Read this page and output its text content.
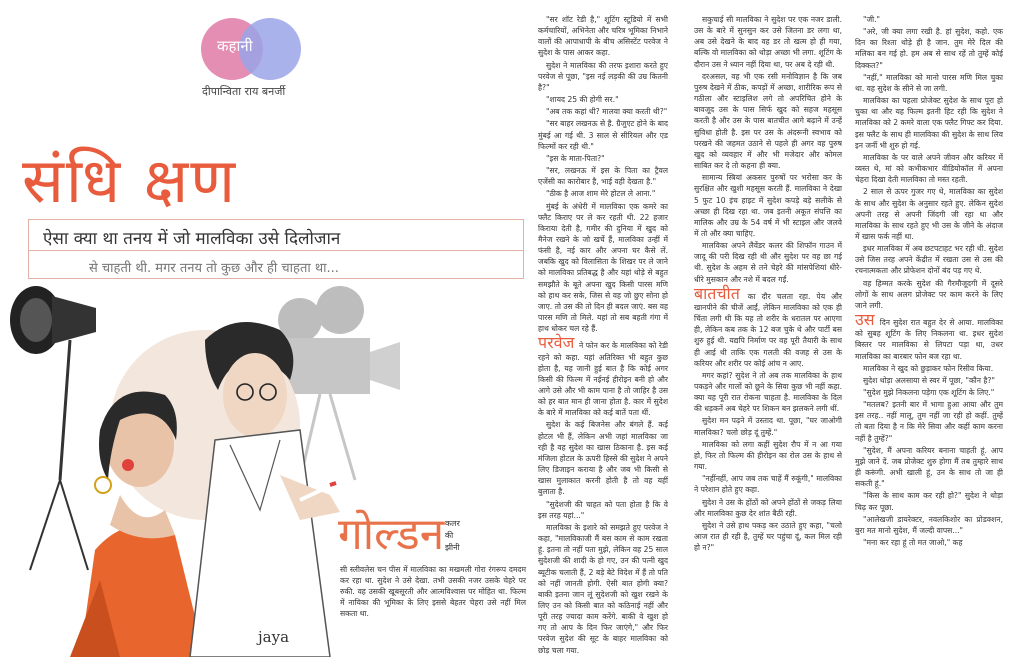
कहानी
दीपान्विता राय बनर्जी
संधि क्षण
ऐसा क्या था तनय में जो मालविका उसे दिलोजान
से चाहती थी. मगर तनय तो कुछ और ही चाहता था...
गोल्डन कलर
की
झीनी
सी स्लीवलेस चन पीस में मालविका का मखमली गोरा रंगरूप दमदम कर रहा था. सुदेश ने उसे देखा. तभी उसकी नजर उसके चेहरे पर रुकी. वह उसकी खूबसूरती और आत्मविश्वास पर मोहित था. फिल्म में नायिका की भूमिका के लिए इससे बेहतर चेहरा उसे नहीं मिल सकता था.
jaya

"सर शॉट रेडी है," शूटिंग स्टूडियो में सभी कर्मचारियों, अभिनेता और चरित्र भूमिका निभाने वालों की आपाधापी के बीच असिस्टेंट परवेज ने सुदेश के पास आकर कहा.

सुदेश ने मालविका की तरफ इशारा करते हुए परवेज से पूछा, "इस नई लड़की की उम्र कितनी है?"

"शायद 25 की होगी सर."

"अब तक कहां थी? मालवा क्या करती थी?"

"सर बाहर लखनऊ से है. ग्रैजुएट होने के बाद मुंबई आ गई थी. 3 साल से सीरियल और एड फिल्मों कर रही थी."

"इस के माता-पिता?"

"सर, लखनऊ में इस के पिता का ट्रैवल एजेंसी का कारोबार है, भाई वही देखता है."

"ठीक है आज शाम मेरे होटल ले आना."

मुंबई के अंधेरी में मालविका एक कमरे का फ्लैट किराए पर ले कर रहती थी. 22 हजार किराया देती है, गमीर की दुनिया में खुद को मैनेज रखने के जो खर्चे हैं, मालविका उन्हीं में फंसी है, नई कार और अपना घर कैसे लें. जबकि खुद को विलासिता के शिखर पर ले जाने को मालविका प्रतिबद्ध है और यहां थोड़े से बहुत समझौते के बूते अपना खुद किसी पारस मणि को हाथ कर सके, जिस से वह जो छुए सोना हो जाए. तो उस की तो दिन ही बदल जाएं. बस वह पारस मणि तो मिले. यहां तो सब बहती गंगा में हाथ धोकर चल रहे हैं.

परवेज ने फोन कर के मालविका को रेडी रहने को कहा. यहां अतिरिक्त भी बहुत कुछ होता है, यह जानी हुई बात है कि कोई अगर किसी की फिल्म में नईनई हीरोइन बनी हो और आगे उसे और भी काम पाना है तो जाहिर है उस को हर बात मान ही जाना होता है. कार में सुदेश के बारे में मालविका को कई बातें पता थीं.

सुदेश के कई बिजनेस और बंगले हैं. कई होटल भी हैं, लेकिन अभी जहां मालविका जा रही है वह सुदेश का खास ठिकाना है. इस कई मंजिला होटल के ऊपरी हिस्से की सुदेश ने अपने लिए डिजाइन कराया है और जब भी किसी से खास मुलाकात करनी होती है तो वह यहीं बुलाता है.

"सुदेशजी की चाहत को पता होता है कि वे इस तरह यहां..."

मालविका के इशारे को समझते हुए परवेज ने कहा, "मालविकाजी मैं बस काम से काम रखता हूं. इतना तो नहीं पता मुझे, लेकिन वह 25 साल सुदेशजी की शादी के हो गए, उन की पत्नी खुद ब्यूटीक चलाती हैं, 2 बड़े बेटे विदेश में हैं तो पति को नहीं जानती होगी. ऐसी बात होगी क्या? बाकी इतना जान लूं सुदेशजी को खुश रखने के लिए उन को किसी बात को कठिनाई नहीं और पूरी तरह ज्यादा काम करेंगे. बाकी वे खुश हो गए तो आप के दिन फिर जाएंगे," और फिर परवेज सुदेश की सूट के बाहर मालविका को छोड़ चला गया.

सकुचाई सी मालविका ने सुदेश पर एक नजर डाली. उस के बारे में सुनसुन कर उसे जितना डर लगा था, अब उसे देखने के बाद वह डर तो खत्म हो ही गया, बल्कि वो मालविका को थोड़ा अच्छा भी लगा. शूटिंग के दौरान उस ने ध्यान नहीं दिया था, पर अब दे रही थी.

दरअसल, वह भी एक रसी मनोविज्ञान है कि जब पुरुष देखने में ठीक, कपड़ों में अच्छा, शारीरिक रूप से गठीला और स्टाइलिश लगे तो अपरिचित होने के बावजूद उस के पास सिर्फ खुद को सहज महसूस करती है और उस के पास बातचीत आगे बढ़ाने में उन्हें सुविधा होती है. इस पर उस के अंदरूनी स्वभाव को परखने की जहमत उठाने से पहले ही अगर वह पुरुष खुद को व्यवहार में और भी मजेदार और कोमल साबित कर दे तो कहना ही क्या.

सामान्य स्त्रियां अकसर पुरुषों पर भरोसा कर के सुरक्षित और खुशी महसूस करती हैं. मालविका ने देखा 5 फुट 10 इंच हाइट में सुदेश कपड़े बड़े सलीके से अच्छा ही दिख रहा था. जब इतनी अकूत संपत्ति का मालिक और उम्र के 54 वर्ष में भी स्टाइल और जलवे में तो और क्या चाहिए.

मालविका अपने लैवेंडर कलर की शिफॉन गाउन में जादू की परी दिख रही थी और सुदेश पर वह छा गई थी. सुदेश के अहम से तने चेहरे की मांसपेशियां धीरे-धीरे मुसकान और नशे में बदल गईं.

बातचीत का दौर चलता रहा. पेय और खानपीने की चीजें आईं, लेकिन मालविका को एक ही चिंता लगी थी कि यह तो शरीर के धरातल पर आएगा ही, लेकिन कब तक के 12 बज चुके थे और पार्टी बस शुरु हुई थी. यद्यपि निर्माण पर वह पूरी तैयारी के साथ ही आई थी ताकि एक गलती की वजह से उस के करियर और शरीर पर कोई आंच न आए.

मगर कहां? सुदेश ने तो अब तक मालविका के हाथ पकड़ने और गालों को छूने के सिवा कुछ भी नहीं कहा. क्या यह पूरी रात रोकना चाहता है. मालविका के दिल की धड़कनें अब चेहरे पर शिकन बन झलकने लगी थीं.

सुदेश मन पढ़ने में उस्ताद था. पूछा, "घर जाओगी मालविका? चलो छोड़ दूं तुम्हें."

मालविका को लगा कहीं सुदेश रौप में न आ गया हो, फिर तो फिल्म की हीरोइन का रोल उस के हाथ से गया.

"नहींनहीं, आप जब तक चाहें मैं रुकूंगी," मालविका ने परेशान होते हुए कहा.

सुदेश ने उस के होंठों को अपने होंठों से जकड़ लिया और मालविका कुछ देर शांत बैठी रही.

सुदेश ने उसे हाथ पकड़ कर उठाते हुए कहा, "चलो आज रात ही रही है, तुम्हें घर पहुंचा दूं, कल मिल रही हो न?"

"जी."

"अरे, जी क्या लगा रखी है. हां सुदेश, कहो. एक दिन का रिश्ता थोड़े ही है जान. तुम मेरे दिल की मलिका बन गई हो. हम अब से साथ रहें तो तुम्हें कोई दिक्कत?"

"नहीं," मालविका को मानो पारस मणि मिल चुका था. वह सुदेश के सीने से जा लगी.

मालविका का पहला प्रोजेक्ट सुदेश के साथ पूरा हो चुका था और यह फिल्म इतनी हिट रही कि सुदेश ने मालविका को 2 कमरे वाला एक फ्लैट गिफ्ट कर दिया. इस फ्लैट के साथ ही मालविका की सुदेश के साथ लिव इन जर्नी भी शुरु हो गई.

मालविका के पर वाले अपने जीवन और करियर में व्यस्त थे, मां को कभीकभार वीडियोकॉल में अपना चेहरा दिखा देती मालविका तो मस्त रहती.

2 साल से ऊपर गुजर गए थे, मालविका का सुदेश के साथ और सुदेश के अनुसार रहते हुए. लेकिन सुदेश अपनी तरह से अपनी जिंदगी जी रहा था और मालविका के साथ रहते हुए भी उस के जीने के अंदाज में खास फर्क नहीं था.

इधर मालविका में अब छटपटाहट भर रही थी. सुदेश उसे जिस तरह अपने केंद्रीत में रखता उस से उस की रचनात्मकता और प्रोफेशन दोनों बंद पड़ गए थे.

वह हिम्मत करके सुदेश की गैरमौजूदगी में दूसरे लोगों के साथ अलग प्रोजेक्ट पर काम करने के लिए जाने लगी.

उस दिन सुदेश रात बहुत देर से आया. मालविका को सुबह शूटिंग के लिए निकलना था. इधर सुदेश बिस्तर पर मालविका से लिपटा पड़ा था, उधर मालविका का बारबार फोन बज रहा था.

मालविका ने खुद को छुड़ाकर फोन रिसीव किया.

सुदेश थोड़ा अलसाया से स्वर में पूछा, "कौन है?"

"सुदेश मुझे निकलना पड़ेगा एक शूटिंग के लिए."

"मतलब? इतनी बार में भागा हुआ आया और तुम इस तरह.. नहीं मालू, तुम नहीं जा रही हो कहीं. तुम्हें तो बता दिया है न कि मेरे सिवा और कहीं काम करना नहीं है तुम्हें?"

"सुदेश, मैं अपना करियर बनाना चाहती हूं. आप मुझे जाने दें. जब प्रोजेक्ट शुरु होगा मैं तब तुम्हारे साथ ही करूंगी. अभी खाली हूं, उन के साथ तो जा ही सकती हूं."

"किस के साथ काम कर रही हो?" सुदेश ने थोड़ा चिढ़ कर पूछा.

"आलेखजी डायरेक्टर, नवलकिशोर का प्रोडक्शन, बुरा मत मानो सुदेश, मैं जल्दी वापस..."

"मना कर रहा हूं तो मत जाओ," कह
